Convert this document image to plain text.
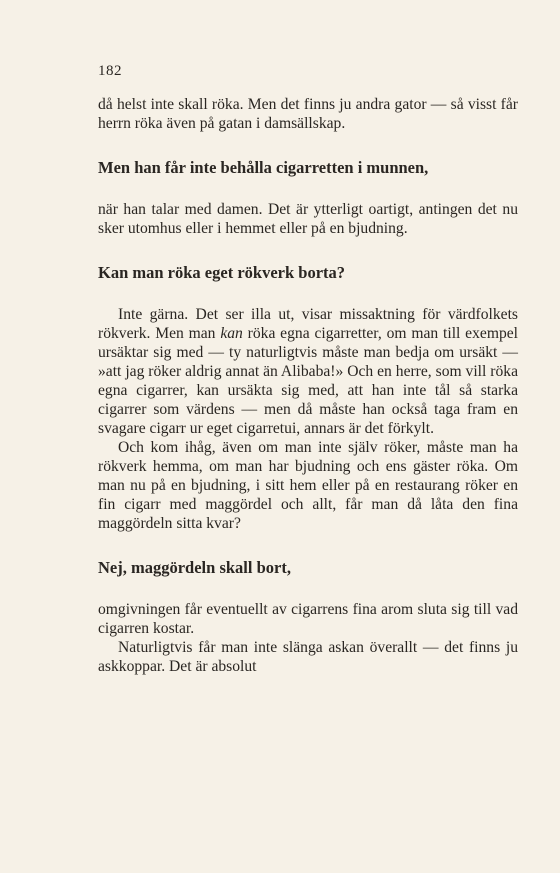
182

då helst inte skall röka. Men det finns ju andra gator — så visst får herrn röka även på gatan i damsällskap.

Men han får inte behålla cigarretten i munnen,

när han talar med damen. Det är ytterligt oartigt, antingen det nu sker utomhus eller i hemmet eller på en bjudning.

Kan man röka eget rökverk borta?

Inte gärna. Det ser illa ut, visar missaktning för värdfolkets rökverk. Men man kan röka egna cigarretter, om man till exempel ursäktar sig med — ty naturligtvis måste man bedja om ursäkt — »att jag röker aldrig annat än Alibaba!» Och en herre, som vill röka egna cigarrer, kan ursäkta sig med, att han inte tål så starka cigarrer som värdens — men då måste han också taga fram en svagare cigarr ur eget cigarretui, annars är det förkylt.

Och kom ihåg, även om man inte själv röker, måste man ha rökverk hemma, om man har bjudning och ens gäster röka. Om man nu på en bjudning, i sitt hem eller på en restaurang röker en fin cigarr med maggördel och allt, får man då låta den fina maggördeln sitta kvar?

Nej, maggördeln skall bort,

omgivningen får eventuellt av cigarrens fina arom sluta sig till vad cigarren kostar.

Naturligtvis får man inte slänga askan överallt — det finns ju askkoppar. Det är absolut
